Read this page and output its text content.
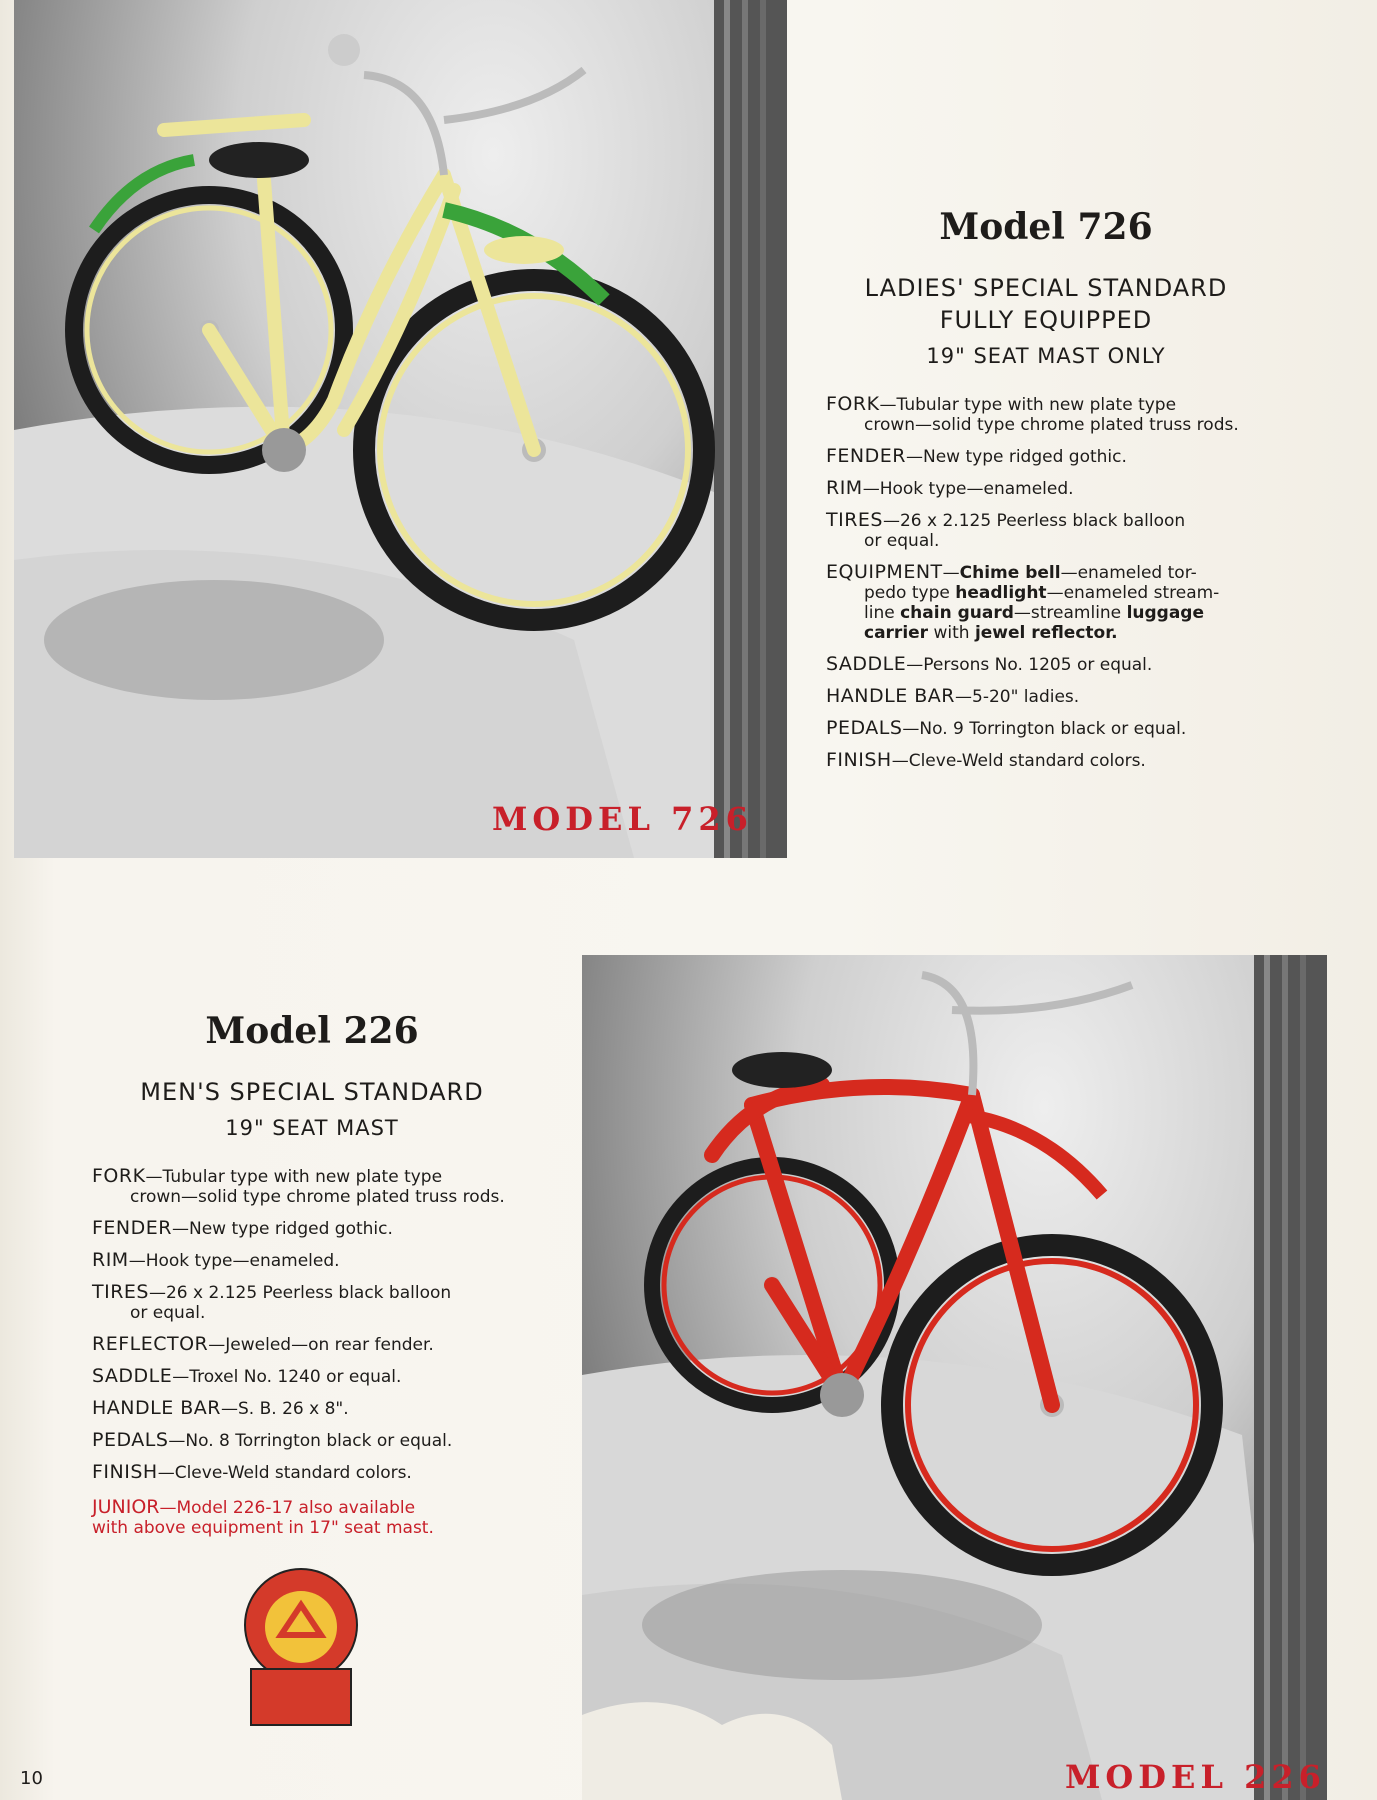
MODEL 726
Model 726
LADIES' SPECIAL STANDARD
FULLY EQUIPPED
19" SEAT MAST ONLY
FORK—Tubular type with new plate type
crown—solid type chrome plated truss rods.
FENDER—New type ridged gothic.
RIM—Hook type—enameled.
TIRES—26 x 2.125 Peerless black balloon
or equal.
EQUIPMENT—Chime bell—enameled tor-
pedo type headlight—enameled stream-
line chain guard—streamline luggage
carrier with jewel reflector.
SADDLE—Persons No. 1205 or equal.
HANDLE BAR—5-20" ladies.
PEDALS—No. 9 Torrington black or equal.
FINISH—Cleve-Weld standard colors.
Model 226
MEN'S SPECIAL STANDARD
19" SEAT MAST
FORK—Tubular type with new plate type
crown—solid type chrome plated truss rods.
FENDER—New type ridged gothic.
RIM—Hook type—enameled.
TIRES—26 x 2.125 Peerless black balloon
or equal.
REFLECTOR—Jeweled—on rear fender.
SADDLE—Troxel No. 1240 or equal.
HANDLE BAR—S. B. 26 x 8".
PEDALS—No. 8 Torrington black or equal.
FINISH—Cleve-Weld standard colors.
JUNIOR—Model 226-17 also available
with above equipment in 17" seat mast.
MODEL 226
10
